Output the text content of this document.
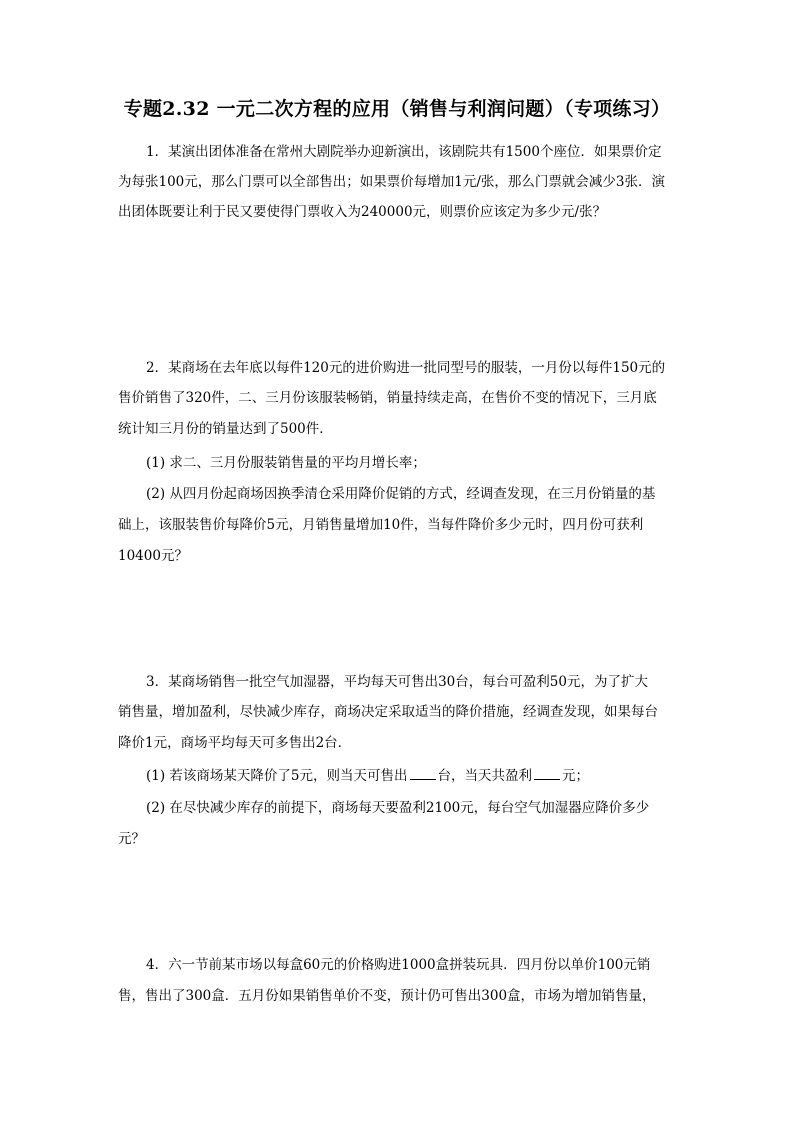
专题2.32 一元二次方程的应用（销售与利润问题）（专项练习）
1．某演出团体准备在常州大剧院举办迎新演出，该剧院共有1500个座位．如果票价定
为每张100元，那么门票可以全部售出；如果票价每增加1元/张，那么门票就会减少3张．演
出团体既要让利于民又要使得门票收入为240000元，则票价应该定为多少元/张？
2．某商场在去年底以每件120元的进价购进一批同型号的服装，一月份以每件150元的
售价销售了320件，二、三月份该服装畅销，销量持续走高，在售价不变的情况下，三月底
统计知三月份的销量达到了500件．
(1) 求二、三月份服装销售量的平均月增长率；
(2) 从四月份起商场因换季清仓采用降价促销的方式，经调查发现，在三月份销量的基
础上，该服装售价每降价5元，月销售量增加10件，当每件降价多少元时，四月份可获利
10400元？
3．某商场销售一批空气加湿器，平均每天可售出30台，每台可盈利50元，为了扩大
销售量，增加盈利，尽快减少库存，商场决定采取适当的降价措施，经调查发现，如果每台
降价1元，商场平均每天可多售出2台．
(1) 若该商场某天降价了5元，则当天可售出 台，当天共盈利 元；
(2) 在尽快减少库存的前提下，商场每天要盈利2100元，每台空气加湿器应降价多少
元？
4．六一节前某市场以每盒60元的价格购进1000盒拼装玩具．四月份以单价100元销
售，售出了300盒．五月份如果销售单价不变，预计仍可售出300盒，市场为增加销售量，
